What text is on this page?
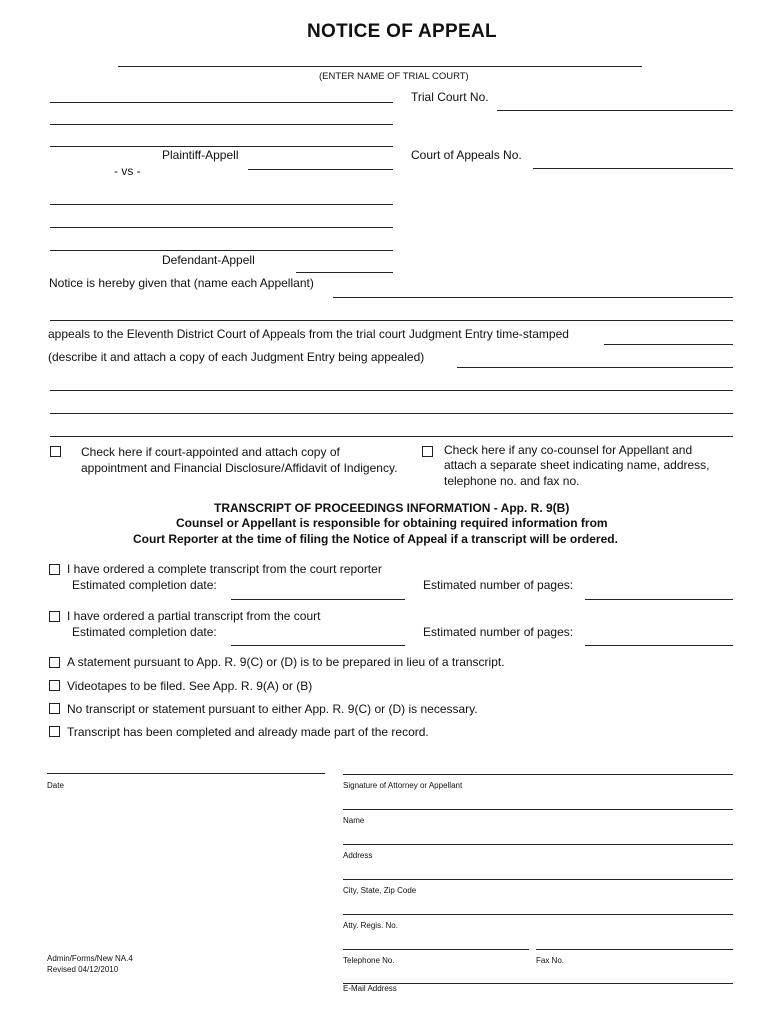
NOTICE OF APPEAL
(ENTER NAME OF TRIAL COURT)
Trial Court No.
Plaintiff-Appell
- vs -
Court of Appeals No.
Defendant-Appell
Notice is hereby given that (name each Appellant)
appeals to the Eleventh District Court of Appeals from the trial court Judgment Entry time-stamped
(describe it and attach a copy of each Judgment Entry being appealed)
Check here if court-appointed and attach copy of
appointment and Financial Disclosure/Affidavit of Indigency.
Check here if any co-counsel for Appellant and
attach a separate sheet indicating name, address,
telephone no. and fax no.
TRANSCRIPT OF PROCEEDINGS INFORMATION - App. R. 9(B)
Counsel or Appellant is responsible for obtaining required information from
Court Reporter at the time of filing the Notice of Appeal if a transcript will be ordered.
I have ordered a complete transcript from the court reporter
Estimated completion date:	Estimated number of pages:
I have ordered a partial transcript from the court
Estimated completion date:	Estimated number of pages:
A statement pursuant to App. R. 9(C) or (D) is to be prepared in lieu of a transcript.
Videotapes to be filed. See App. R. 9(A) or (B)
No transcript or statement pursuant to either App. R. 9(C) or (D) is necessary.
Transcript has been completed and already made part of the record.
Date	Signature of Attorney or Appellant
Name
Address
City, State, Zip Code
Atty. Regis. No.
Telephone No.	Fax No.
E-Mail Address
Admin/Forms/New NA.4
Revised 04/12/2010
